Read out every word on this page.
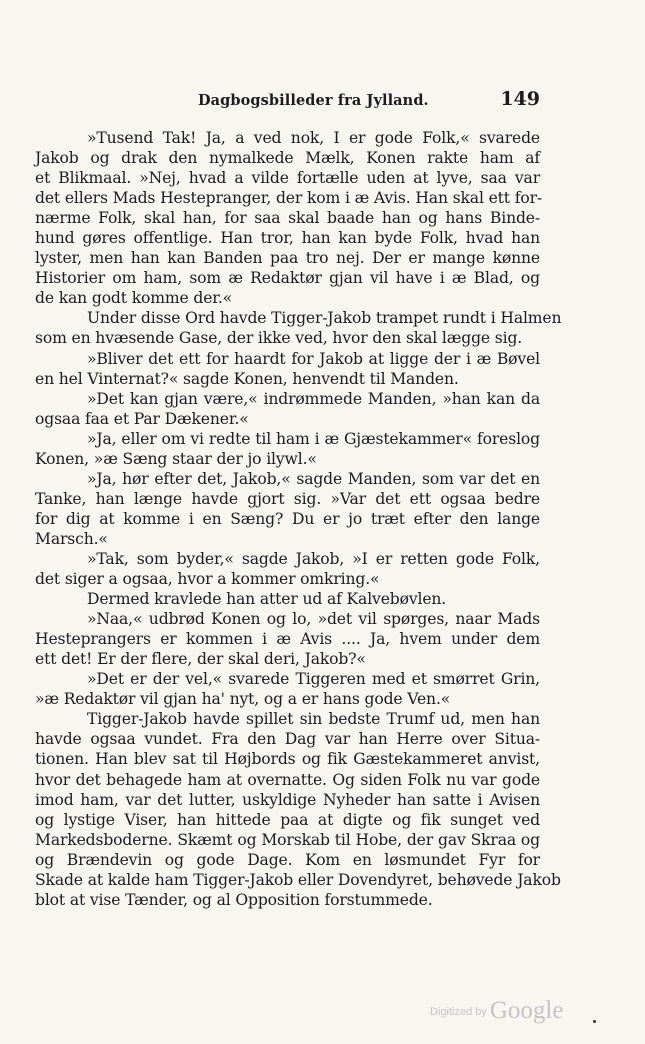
Dagbogsbilleder fra Jylland.	149
»Tusend Tak! Ja, a ved nok, I er gode Folk,« svarede
Jakob og drak den nymalkede Mælk, Konen rakte ham af
et Blikmaal. »Nej, hvad a vilde fortælle uden at lyve, saa var
det ellers Mads Hestepranger, der kom i æ Avis. Han skal ett for-
nærme Folk, skal han, for saa skal baade han og hans Binde-
hund gøres offentlige. Han tror, han kan byde Folk, hvad han
lyster, men han kan Banden paa tro nej. Der er mange kønne
Historier om ham, som æ Redaktør gjan vil have i æ Blad, og
de kan godt komme der.«
Under disse Ord havde Tigger-Jakob trampet rundt i Halmen
som en hvæsende Gase, der ikke ved, hvor den skal lægge sig.
»Bliver det ett for haardt for Jakob at ligge der i æ Bøvel
en hel Vinternat?« sagde Konen, henvendt til Manden.
»Det kan gjan være,« indrømmede Manden, »han kan da
ogsaa faa et Par Dækener.«
»Ja, eller om vi redte til ham i æ Gjæstekammer« foreslog
Konen, »æ Sæng staar der jo ilywl.«
»Ja, hør efter det, Jakob,« sagde Manden, som var det en
Tanke, han længe havde gjort sig. »Var det ett ogsaa bedre
for dig at komme i en Sæng? Du er jo træt efter den lange
Marsch.«
»Tak, som byder,« sagde Jakob, »I er retten gode Folk,
det siger a ogsaa, hvor a kommer omkring.«
Dermed kravlede han atter ud af Kalvebøvlen.
»Naa,« udbrød Konen og lo, »det vil spørges, naar Mads
Hesteprangers er kommen i æ Avis .... Ja, hvem under dem
ett det! Er der flere, der skal deri, Jakob?«
»Det er der vel,« svarede Tiggeren med et smørret Grin,
»æ Redaktør vil gjan ha' nyt, og a er hans gode Ven.«
Tigger-Jakob havde spillet sin bedste Trumf ud, men han
havde ogsaa vundet. Fra den Dag var han Herre over Situa-
tionen. Han blev sat til Højbords og fik Gæstekammeret anvist,
hvor det behagede ham at overnatte. Og siden Folk nu var gode
imod ham, var det lutter, uskyldige Nyheder han satte i Avisen
og lystige Viser, han hittede paa at digte og fik sunget ved
Markedsboderne. Skæmt og Morskab til Hobe, der gav Skraa og
og Brændevin og gode Dage. Kom en løsmundet Fyr for
Skade at kalde ham Tigger-Jakob eller Dovendyret, behøvede Jakob
blot at vise Tænder, og al Opposition forstummede.
Digitized by Google
